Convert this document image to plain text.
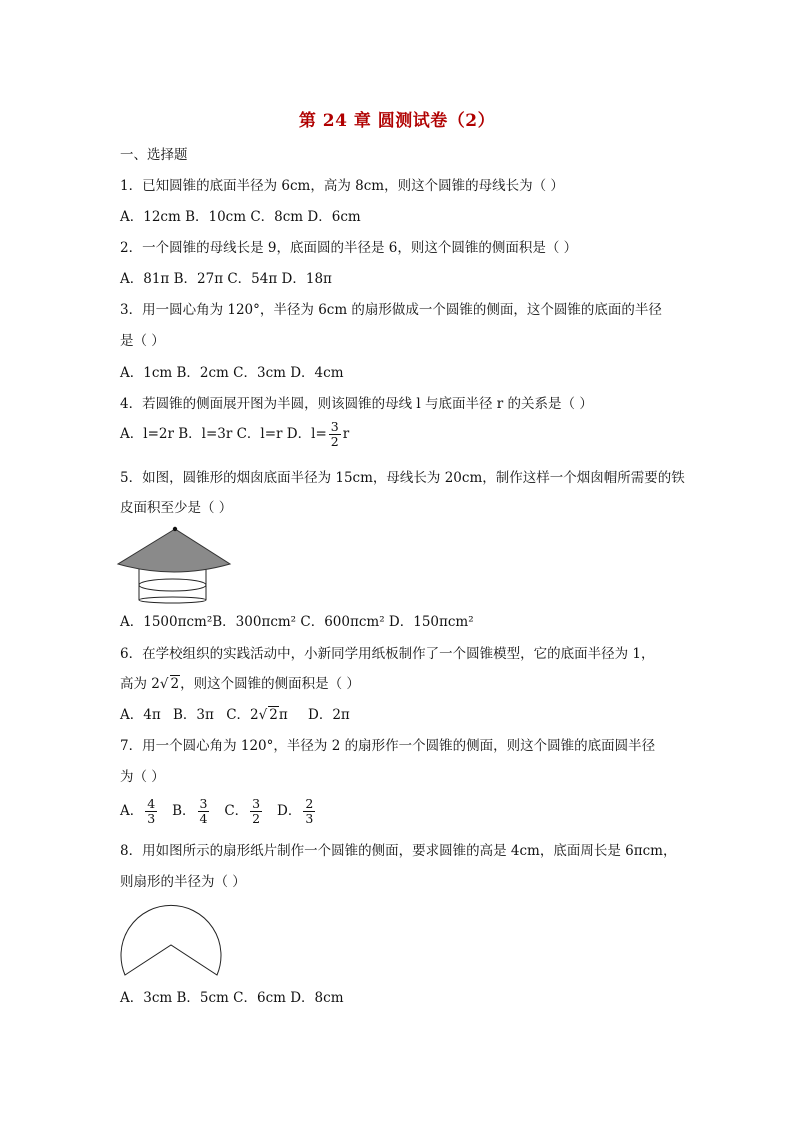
第 24 章 圆测试卷（2）
一、选择题
1．已知圆锥的底面半径为 6cm，高为 8cm，则这个圆锥的母线长为（ ）
A．12cm B．10cm C．8cm D．6cm
2．一个圆锥的母线长是 9，底面圆的半径是 6，则这个圆锥的侧面积是（ ）
A．81π B．27π C．54π D．18π
3．用一圆心角为 120°，半径为 6cm 的扇形做成一个圆锥的侧面，这个圆锥的底面的半径
是（ ）
A．1cm B．2cm C．3cm D．4cm
4．若圆锥的侧面展开图为半圆，则该圆锥的母线 l 与底面半径 r 的关系是（ ）
A．l=2r B．l=3r C．l=r D．$l= \frac{3}{2}$ r
5．如图，圆锥形的烟囱底面半径为 15cm，母线长为 20cm，制作这样一个烟囱帽所需要的铁
皮面积至少是（ ）
A．1500πcm²B．300πcm² C．600πcm² D．150πcm²
6．在学校组织的实践活动中，小新同学用纸板制作了一个圆锥模型，它的底面半径为 1，
高为 2√ 2，则这个圆锥的侧面积是（ ）
A．4π B．3π C．2√ 2π D．2π
7．用一个圆心角为 120°，半径为 2 的扇形作一个圆锥的侧面，则这个圆锥的底面圆半径
为（ ）
A． $\frac{4}{3}$ B． $\frac{3}{4}$ C． $\frac{3}{2}$ D． $\frac{2}{3}$
8．用如图所示的扇形纸片制作一个圆锥的侧面，要求圆锥的高是 4cm，底面周长是 6πcm，
则扇形的半径为（ ）
A．3cm B．5cm C．6cm D．8cm
